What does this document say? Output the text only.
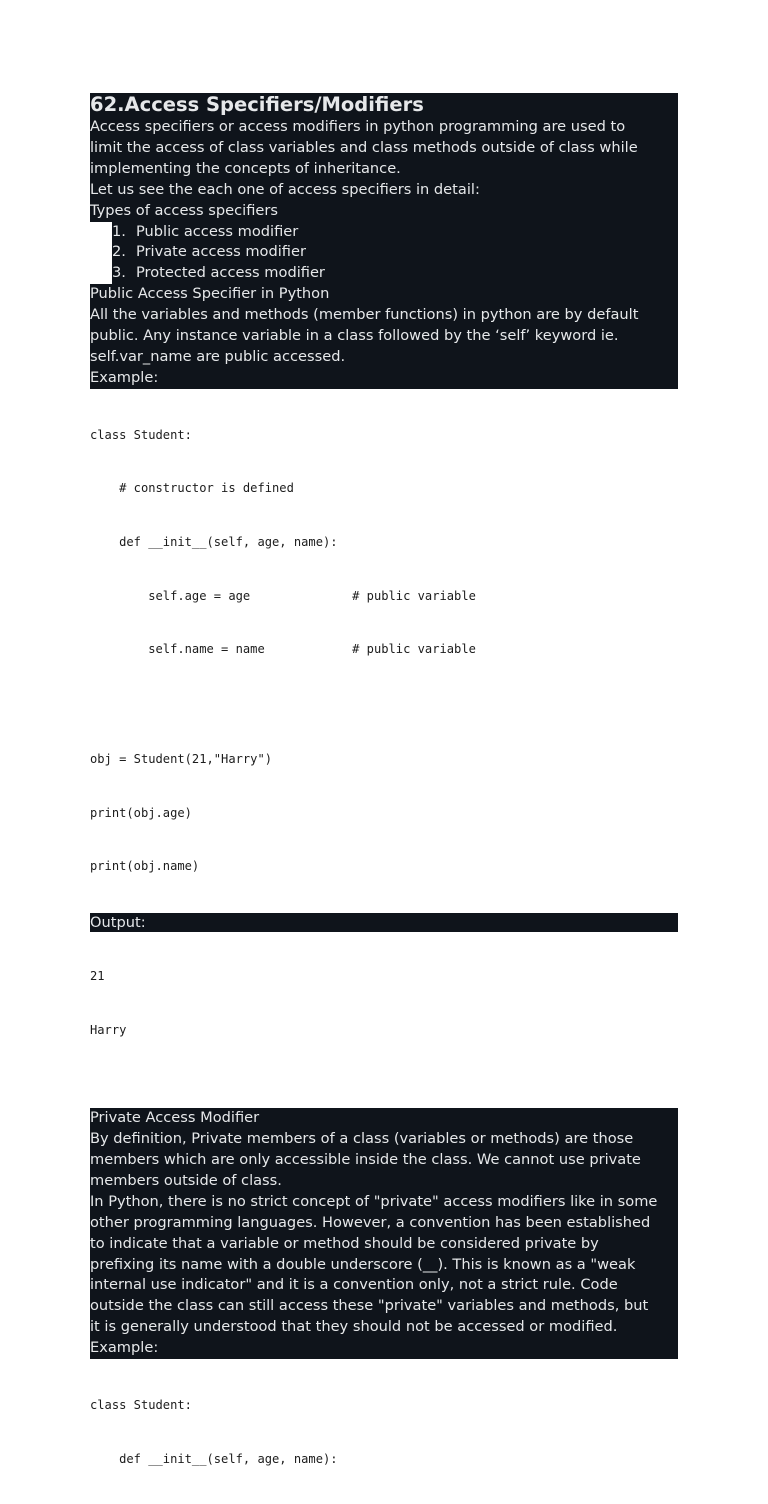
62.Access Specifiers/Modifiers

Access specifiers or access modifiers in python programming are used to

limit the access of class variables and class methods outside of class while

implementing the concepts of inheritance.

Let us see the each one of access specifiers in detail:

Types of access specifiers

1. Public access modifier
2. Private access modifier
3. Protected access modifier

Public Access Specifier in Python

All the variables and methods (member functions) in python are by default

public. Any instance variable in a class followed by the ‘self’ keyword ie.

self.var_name are public accessed.

Example:

class Student:

# constructor is defined

def __init__(self, age, name):

self.age = age              # public variable

self.name = name            # public variable

obj = Student(21,"Harry")

print(obj.age)

print(obj.name)

Output:

21

Harry

Private Access Modifier

By definition, Private members of a class (variables or methods) are those

members which are only accessible inside the class. We cannot use private

members outside of class.

In Python, there is no strict concept of "private" access modifiers like in some

other programming languages. However, a convention has been established

to indicate that a variable or method should be considered private by

prefixing its name with a double underscore (__). This is known as a "weak

internal use indicator" and it is a convention only, not a strict rule. Code

outside the class can still access these "private" variables and methods, but

it is generally understood that they should not be accessed or modified.

Example:

class Student:

def __init__(self, age, name):
